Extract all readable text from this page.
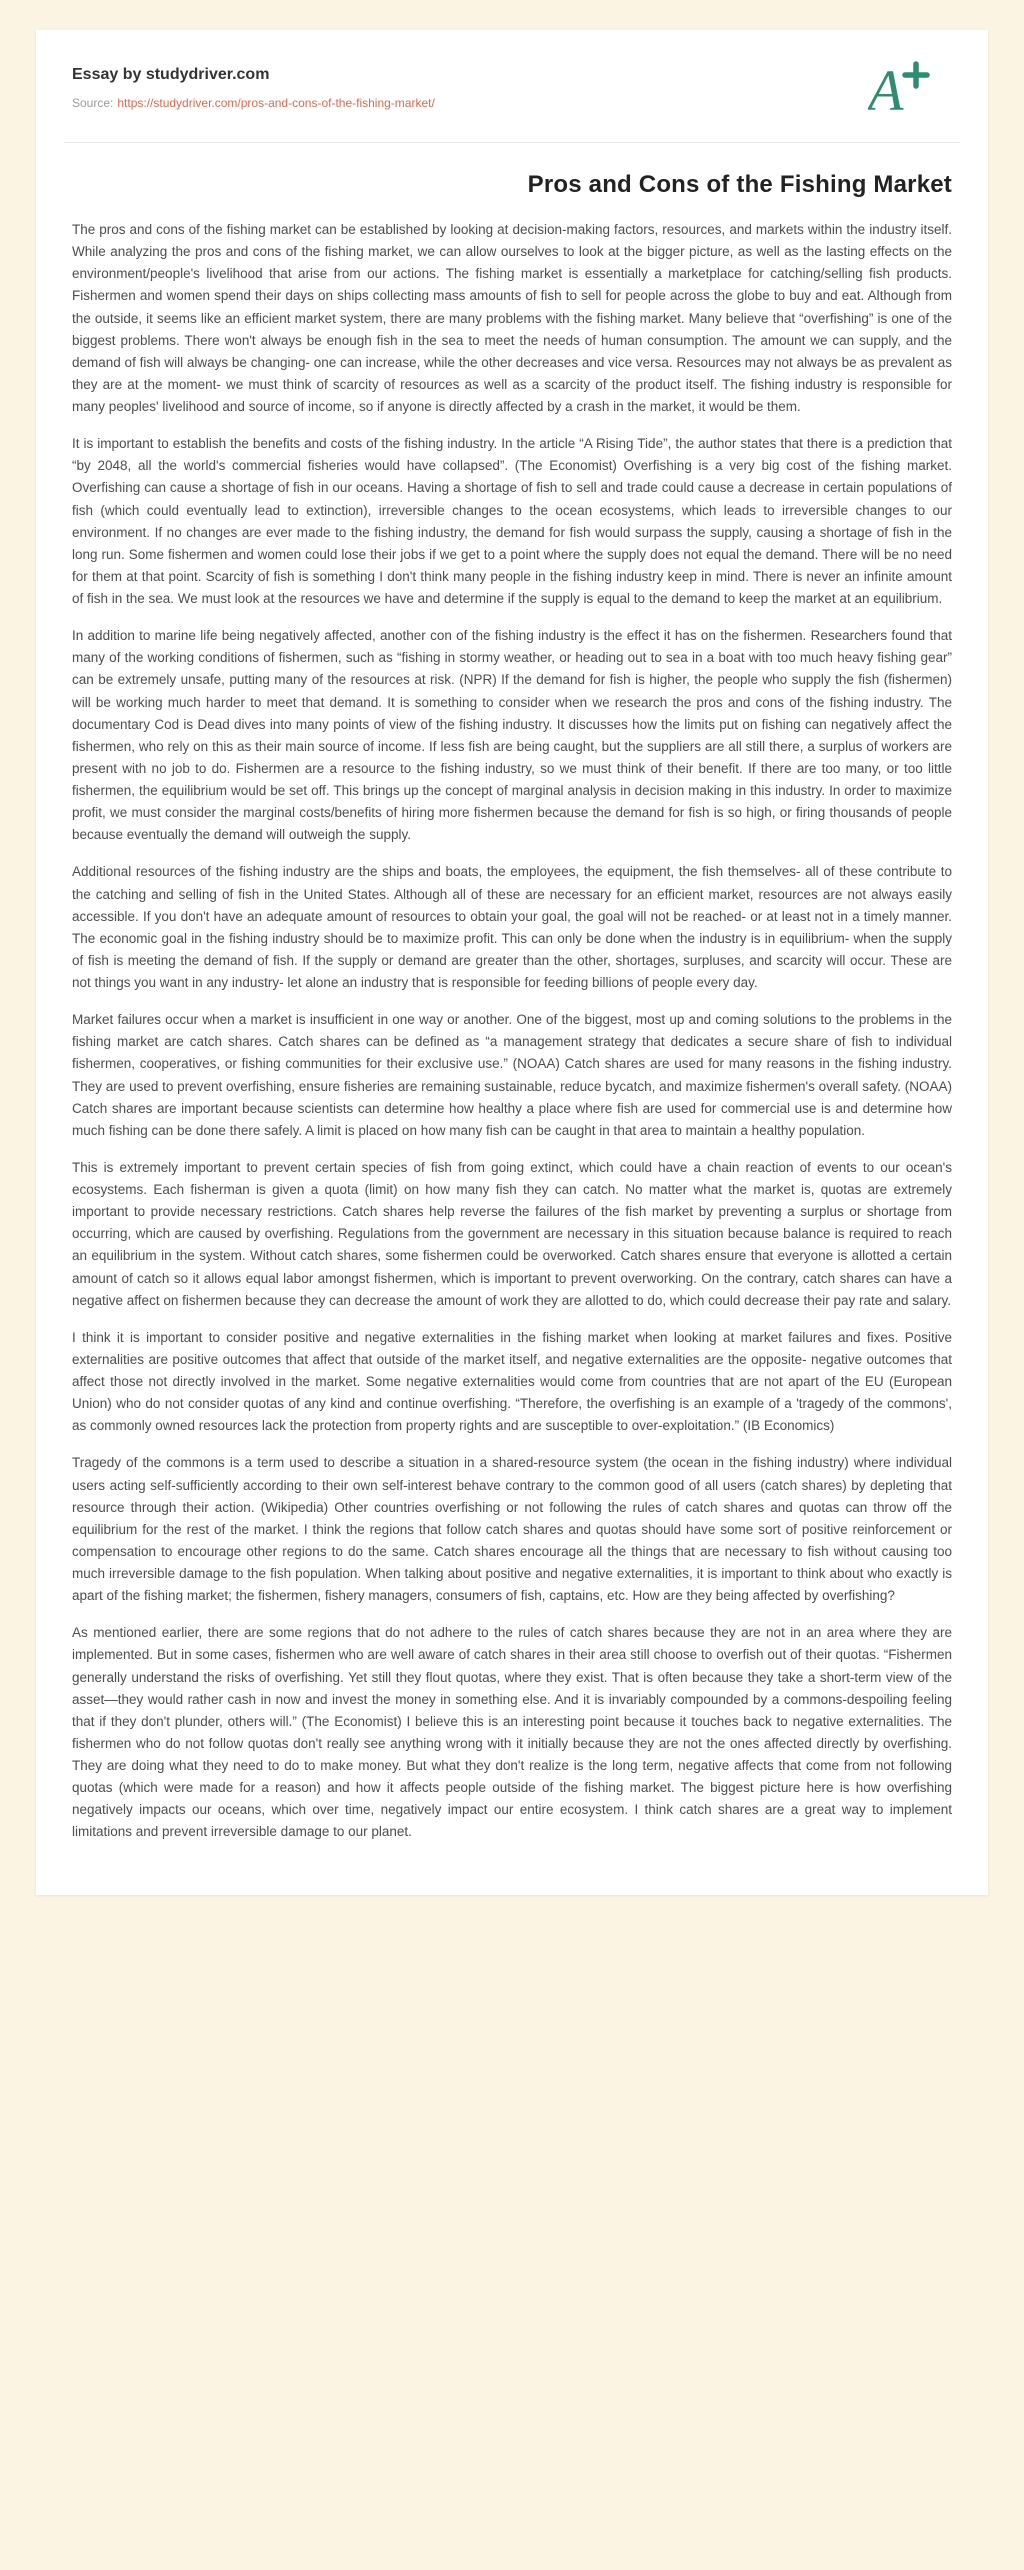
Essay by studydriver.com
Source: https://studydriver.com/pros-and-cons-of-the-fishing-market/	A
Pros and Cons of the Fishing Market

The pros and cons of the fishing market can be established by looking at decision-making factors, resources, and markets within the industry itself. While analyzing the pros and cons of the fishing market, we can allow ourselves to look at the bigger picture, as well as the lasting effects on the environment/people's livelihood that arise from our actions. The fishing market is essentially a marketplace for catching/selling fish products. Fishermen and women spend their days on ships collecting mass amounts of fish to sell for people across the globe to buy and eat. Although from the outside, it seems like an efficient market system, there are many problems with the fishing market. Many believe that “overfishing” is one of the biggest problems. There won't always be enough fish in the sea to meet the needs of human consumption. The amount we can supply, and the demand of fish will always be changing- one can increase, while the other decreases and vice versa. Resources may not always be as prevalent as they are at the moment- we must think of scarcity of resources as well as a scarcity of the product itself. The fishing industry is responsible for many peoples' livelihood and source of income, so if anyone is directly affected by a crash in the market, it would be them.

It is important to establish the benefits and costs of the fishing industry. In the article “A Rising Tide”, the author states that there is a prediction that “by 2048, all the world's commercial fisheries would have collapsed”. (The Economist) Overfishing is a very big cost of the fishing market. Overfishing can cause a shortage of fish in our oceans. Having a shortage of fish to sell and trade could cause a decrease in certain populations of fish (which could eventually lead to extinction), irreversible changes to the ocean ecosystems, which leads to irreversible changes to our environment. If no changes are ever made to the fishing industry, the demand for fish would surpass the supply, causing a shortage of fish in the long run. Some fishermen and women could lose their jobs if we get to a point where the supply does not equal the demand. There will be no need for them at that point. Scarcity of fish is something I don't think many people in the fishing industry keep in mind. There is never an infinite amount of fish in the sea. We must look at the resources we have and determine if the supply is equal to the demand to keep the market at an equilibrium.

In addition to marine life being negatively affected, another con of the fishing industry is the effect it has on the fishermen. Researchers found that many of the working conditions of fishermen, such as “fishing in stormy weather, or heading out to sea in a boat with too much heavy fishing gear” can be extremely unsafe, putting many of the resources at risk. (NPR) If the demand for fish is higher, the people who supply the fish (fishermen) will be working much harder to meet that demand. It is something to consider when we research the pros and cons of the fishing industry. The documentary Cod is Dead dives into many points of view of the fishing industry. It discusses how the limits put on fishing can negatively affect the fishermen, who rely on this as their main source of income. If less fish are being caught, but the suppliers are all still there, a surplus of workers are present with no job to do. Fishermen are a resource to the fishing industry, so we must think of their benefit. If there are too many, or too little fishermen, the equilibrium would be set off. This brings up the concept of marginal analysis in decision making in this industry. In order to maximize profit, we must consider the marginal costs/benefits of hiring more fishermen because the demand for fish is so high, or firing thousands of people because eventually the demand will outweigh the supply.

Additional resources of the fishing industry are the ships and boats, the employees, the equipment, the fish themselves- all of these contribute to the catching and selling of fish in the United States. Although all of these are necessary for an efficient market, resources are not always easily accessible. If you don't have an adequate amount of resources to obtain your goal, the goal will not be reached- or at least not in a timely manner. The economic goal in the fishing industry should be to maximize profit. This can only be done when the industry is in equilibrium- when the supply of fish is meeting the demand of fish. If the supply or demand are greater than the other, shortages, surpluses, and scarcity will occur. These are not things you want in any industry- let alone an industry that is responsible for feeding billions of people every day.

Market failures occur when a market is insufficient in one way or another. One of the biggest, most up and coming solutions to the problems in the fishing market are catch shares. Catch shares can be defined as “a management strategy that dedicates a secure share of fish to individual fishermen, cooperatives, or fishing communities for their exclusive use.” (NOAA) Catch shares are used for many reasons in the fishing industry. They are used to prevent overfishing, ensure fisheries are remaining sustainable, reduce bycatch, and maximize fishermen's overall safety. (NOAA) Catch shares are important because scientists can determine how healthy a place where fish are used for commercial use is and determine how much fishing can be done there safely. A limit is placed on how many fish can be caught in that area to maintain a healthy population.

This is extremely important to prevent certain species of fish from going extinct, which could have a chain reaction of events to our ocean's ecosystems. Each fisherman is given a quota (limit) on how many fish they can catch. No matter what the market is, quotas are extremely important to provide necessary restrictions. Catch shares help reverse the failures of the fish market by preventing a surplus or shortage from occurring, which are caused by overfishing. Regulations from the government are necessary in this situation because balance is required to reach an equilibrium in the system. Without catch shares, some fishermen could be overworked. Catch shares ensure that everyone is allotted a certain amount of catch so it allows equal labor amongst fishermen, which is important to prevent overworking. On the contrary, catch shares can have a negative affect on fishermen because they can decrease the amount of work they are allotted to do, which could decrease their pay rate and salary.

I think it is important to consider positive and negative externalities in the fishing market when looking at market failures and fixes. Positive externalities are positive outcomes that affect that outside of the market itself, and negative externalities are the opposite- negative outcomes that affect those not directly involved in the market. Some negative externalities would come from countries that are not apart of the EU (European Union) who do not consider quotas of any kind and continue overfishing. “Therefore, the overfishing is an example of a 'tragedy of the commons', as commonly owned resources lack the protection from property rights and are susceptible to over-exploitation.” (IB Economics)

Tragedy of the commons is a term used to describe a situation in a shared-resource system (the ocean in the fishing industry) where individual users acting self-sufficiently according to their own self-interest behave contrary to the common good of all users (catch shares) by depleting that resource through their action. (Wikipedia) Other countries overfishing or not following the rules of catch shares and quotas can throw off the equilibrium for the rest of the market. I think the regions that follow catch shares and quotas should have some sort of positive reinforcement or compensation to encourage other regions to do the same. Catch shares encourage all the things that are necessary to fish without causing too much irreversible damage to the fish population. When talking about positive and negative externalities, it is important to think about who exactly is apart of the fishing market; the fishermen, fishery managers, consumers of fish, captains, etc. How are they being affected by overfishing?

As mentioned earlier, there are some regions that do not adhere to the rules of catch shares because they are not in an area where they are implemented. But in some cases, fishermen who are well aware of catch shares in their area still choose to overfish out of their quotas. “Fishermen generally understand the risks of overfishing. Yet still they flout quotas, where they exist. That is often because they take a short-term view of the asset—they would rather cash in now and invest the money in something else. And it is invariably compounded by a commons-despoiling feeling that if they don't plunder, others will.” (The Economist) I believe this is an interesting point because it touches back to negative externalities. The fishermen who do not follow quotas don't really see anything wrong with it initially because they are not the ones affected directly by overfishing. They are doing what they need to do to make money. But what they don't realize is the long term, negative affects that come from not following quotas (which were made for a reason) and how it affects people outside of the fishing market. The biggest picture here is how overfishing negatively impacts our oceans, which over time, negatively impact our entire ecosystem. I think catch shares are a great way to implement limitations and prevent irreversible damage to our planet.
